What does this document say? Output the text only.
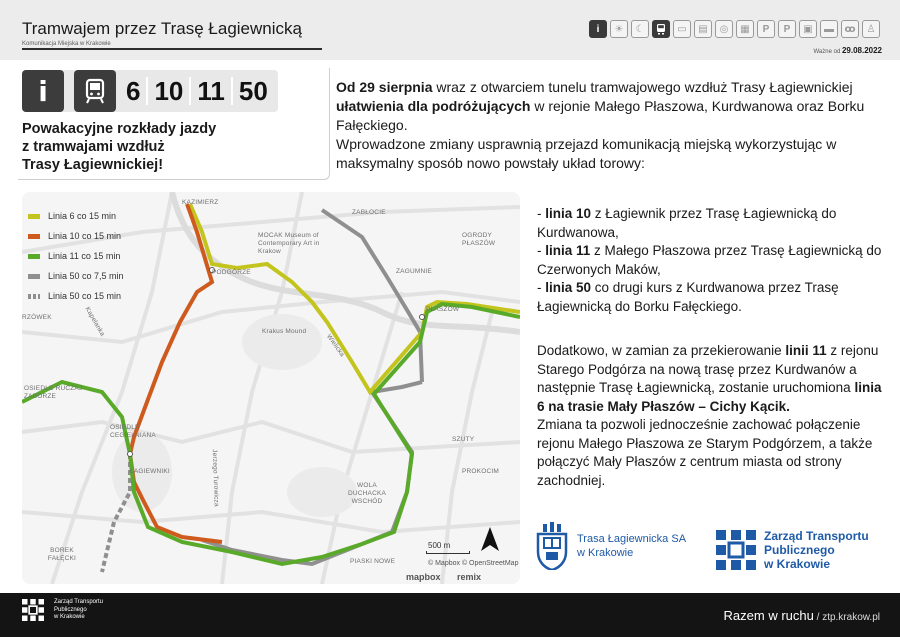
Tramwajem przez Trasę Łagiewnicką
Komunikacja Miejska w Krakowie
i	☀	☾	▭	▤	◎	▦	P	P	▣	▬	ꝏ	♙
Ważne od 29.08.2022
i	6 10 11 50
Powakacyjne rozkłady jazdy
z tramwajami wzdłuż
Trasy Łagiewnickiej!
Od 29 sierpnia wraz z otwarciem tunelu tramwajowego wzdłuż Trasy Łagiewnickiej ułatwienia dla podróżujących w rejonie Małego Płaszowa, Kurdwanowa oraz Borku Fałęckiego.
Wprowadzone zmiany usprawnią przejazd komunikacją miejską wykorzystując w maksymalny sposób nowo powstały układ torowy:
Linia 6 co 15 min
Linia 10 co 15 min
Linia 11 co 15 min
Linia 50 co 7,5 min
Linia 50 co 15 min
KAZIMIERZ
ZABŁOCIE
MOCAK Museum of Contemporary Art in Krakow
OGRODY PŁASZÓW
PODGÓRZE	ZAGUMNIE
PŁASZÓW
RZÓWEK
Krakus Mound
Wielicka
Kapelanka
OSIEDLE RUCZAJ-ZABORZE
OSIEDLE CEGIELNIANA
SZUTY
ŁAGIEWNIKI	Jerzego Turowicza	PROKOCIM
WOLA DUCHACKA WSCHÓD
BOREK FAŁĘCKI	PIASKI NOWE
500 m
© Mapbox © OpenStreetMap
mapbox remix
- linia 10 z Łagiewnik przez Trasę Łagiewnicką do Kurdwanowa,
- linia 11 z Małego Płaszowa przez Trasę Łagiewnicką do Czerwonych Maków,
- linia 50 co drugi kurs z Kurdwanowa przez Trasę Łagiewnicką do Borku Fałęckiego.
Dodatkowo, w zamian za przekierowanie linii 11 z rejonu Starego Podgórza na nową trasę przez Kurdwanów a następnie Trasę Łagiewnicką, zostanie uruchomiona linia 6 na trasie Mały Płaszów – Cichy Kącik.
Zmiana ta pozwoli jednocześnie zachować połączenie rejonu Małego Płaszowa ze Starym Podgórzem, a także połączyć Mały Płaszów z centrum miasta od strony zachodniej.
Trasa Łagiewnicka SA
w Krakowie
Zarząd Transportu
Publicznego
w Krakowie
Zarząd Transportu
Publicznego
w Krakowie	Razem w ruchu / ztp.krakow.pl
